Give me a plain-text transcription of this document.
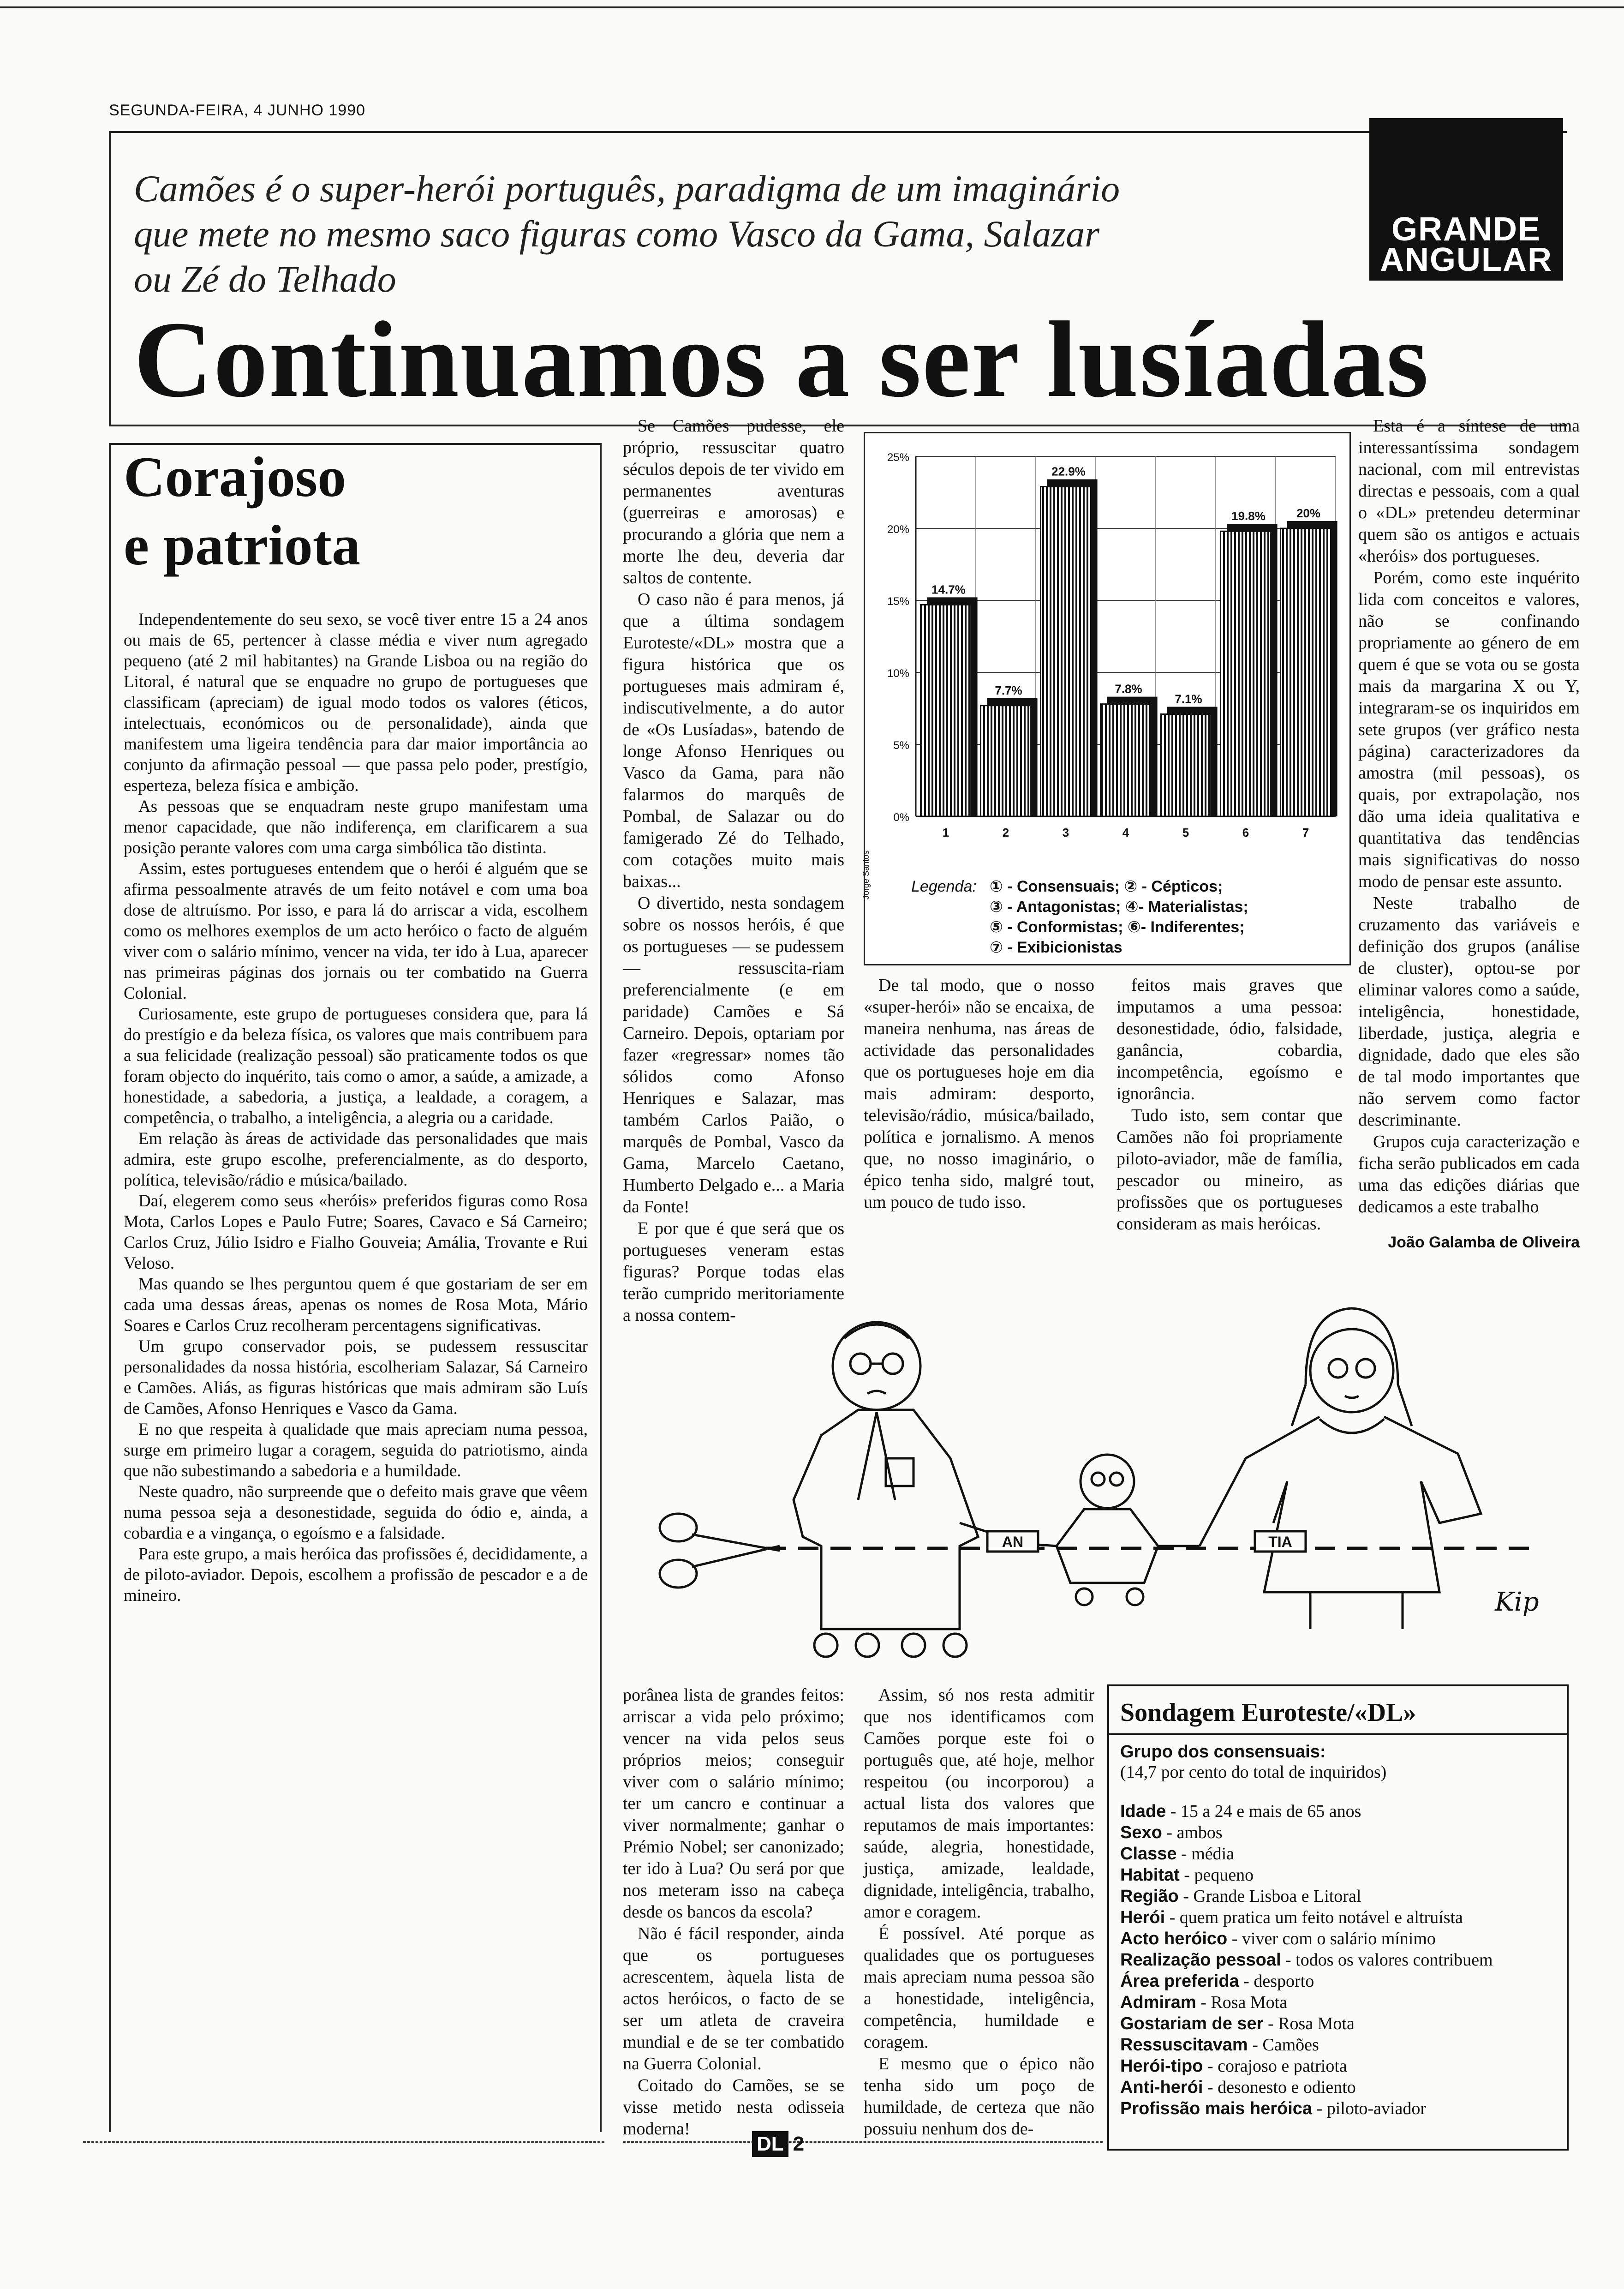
SEGUNDA-FEIRA, 4 JUNHO 1990
Camões é o super-herói português, paradigma de um imaginário
que mete no mesmo saco figuras como Vasco da Gama, Salazar
ou Zé do Telhado
GRANDE
ANGULAR
Continuamos a ser lusíadas
Corajoso
e patriota

Independentemente do seu sexo, se você tiver entre 15 a 24 anos ou mais de 65, pertencer à classe média e viver num agregado pequeno (até 2 mil habitantes) na Grande Lisboa ou na região do Litoral, é natural que se enquadre no grupo de portugueses que classificam (apreciam) de igual modo todos os valores (éticos, intelectuais, económicos ou de personalidade), ainda que manifestem uma ligeira tendência para dar maior importância ao conjunto da afirmação pessoal — que passa pelo poder, prestígio, esperteza, beleza física e ambição.

As pessoas que se enquadram neste grupo manifestam uma menor capacidade, que não indiferença, em clarificarem a sua posição perante valores com uma carga simbólica tão distinta.

Assim, estes portugueses entendem que o herói é alguém que se afirma pessoalmente através de um feito notável e com uma boa dose de altruísmo. Por isso, e para lá do arriscar a vida, escolhem como os melhores exemplos de um acto heróico o facto de alguém viver com o salário mínimo, vencer na vida, ter ido à Lua, aparecer nas primeiras páginas dos jornais ou ter combatido na Guerra Colonial.

Curiosamente, este grupo de portugueses considera que, para lá do prestígio e da beleza física, os valores que mais contribuem para a sua felicidade (realização pessoal) são praticamente todos os que foram objecto do inquérito, tais como o amor, a saúde, a amizade, a honestidade, a sabedoria, a justiça, a lealdade, a coragem, a competência, o trabalho, a inteligência, a alegria ou a caridade.

Em relação às áreas de actividade das personalidades que mais admira, este grupo escolhe, preferencialmente, as do desporto, política, televisão/rádio e música/bailado.

Daí, elegerem como seus «heróis» preferidos figuras como Rosa Mota, Carlos Lopes e Paulo Futre; Soares, Cavaco e Sá Carneiro; Carlos Cruz, Júlio Isidro e Fialho Gouveia; Amália, Trovante e Rui Veloso.

Mas quando se lhes perguntou quem é que gostariam de ser em cada uma dessas áreas, apenas os nomes de Rosa Mota, Mário Soares e Carlos Cruz recolheram percentagens significativas.

Um grupo conservador pois, se pudessem ressuscitar personalidades da nossa história, escolheriam Salazar, Sá Carneiro e Camões. Aliás, as figuras históricas que mais admiram são Luís de Camões, Afonso Henriques e Vasco da Gama.

E no que respeita à qualidade que mais apreciam numa pessoa, surge em primeiro lugar a coragem, seguida do patriotismo, ainda que não subestimando a sabedoria e a humildade.

Neste quadro, não surpreende que o defeito mais grave que vêem numa pessoa seja a desonestidade, seguida do ódio e, ainda, a cobardia e a vingança, o egoísmo e a falsidade.

Para este grupo, a mais heróica das profissões é, decididamente, a de piloto-aviador. Depois, escolhem a profissão de pescador e a de mineiro.

Se Camões pudesse, ele próprio, ressuscitar quatro séculos depois de ter vivido em permanentes aventuras (guerreiras e amorosas) e procurando a glória que nem a morte lhe deu, deveria dar saltos de contente.

O caso não é para menos, já que a última sondagem Euroteste/«DL» mostra que a figura histórica que os portugueses mais admiram é, indiscutivelmente, a do autor de «Os Lusíadas», batendo de longe Afonso Henriques ou Vasco da Gama, para não falarmos do marquês de Pombal, de Salazar ou do famigerado Zé do Telhado, com cotações muito mais baixas...

O divertido, nesta sondagem sobre os nossos heróis, é que os portugueses — se pudessem — ressuscita-riam preferencialmente (e em paridade) Camões e Sá Carneiro. Depois, optariam por fazer «regressar» nomes tão sólidos como Afonso Henriques e Salazar, mas também Carlos Paião, o marquês de Pombal, Vasco da Gama, Marcelo Caetano, Humberto Delgado e... a Maria da Fonte!

E por que é que será que os portugueses veneram estas figuras? Porque todas elas terão cumprido meritoriamente a nossa contem-

0%
5%
10%
15%
20%
25%
14.7%
1
7.7%
2
22.9%
3
7.8%
4
7.1%
5
19.8%
6
20%
7
Legenda: ① - Consensuais; ② - Cépticos;
③ - Antagonistas; ④- Materialistas;
⑤ - Conformistas; ⑥- Indiferentes;
⑦ - Exibicionistas
Jorge Santos

De tal modo, que o nosso «super-herói» não se encaixa, de maneira nenhuma, nas áreas de actividade das personalidades que os portugueses hoje em dia mais admiram: desporto, televisão/rádio, música/bailado, política e jornalismo. A menos que, no nosso imaginário, o épico tenha sido, malgré tout, um pouco de tudo isso.

feitos mais graves que imputamos a uma pessoa: desonestidade, ódio, falsidade, ganância, cobardia, incompetência, egoísmo e ignorância.

Tudo isto, sem contar que Camões não foi propriamente piloto-aviador, mãe de família, pescador ou mineiro, as profissões que os portugueses consideram as mais heróicas.

Esta é a síntese de uma interessantíssima sondagem nacional, com mil entrevistas directas e pessoais, com a qual o «DL» pretendeu determinar quem são os antigos e actuais «heróis» dos portugueses.

Porém, como este inquérito lida com conceitos e valores, não se confinando propriamente ao género de em quem é que se vota ou se gosta mais da margarina X ou Y, integraram-se os inquiridos em sete grupos (ver gráfico nesta página) caracterizadores da amostra (mil pessoas), os quais, por extrapolação, nos dão uma ideia qualitativa e quantitativa das tendências mais significativas do nosso modo de pensar este assunto.

Neste trabalho de cruzamento das variáveis e definição dos grupos (análise de cluster), optou-se por eliminar valores como a saúde, inteligência, honestidade, liberdade, justiça, alegria e dignidade, dado que eles são de tal modo importantes que não servem como factor descriminante.

Grupos cuja caracterização e ficha serão publicados em cada uma das edições diárias que dedicamos a este trabalho

João Galamba de Oliveira
AN	TIA
Kip

porânea lista de grandes feitos: arriscar a vida pelo próximo; vencer na vida pelos seus próprios meios; conseguir viver com o salário mínimo; ter um cancro e continuar a viver normalmente; ganhar o Prémio Nobel; ser canonizado; ter ido à Lua? Ou será por que nos meteram isso na cabeça desde os bancos da escola?

Não é fácil responder, ainda que os portugueses acrescentem, àquela lista de actos heróicos, o facto de se ser um atleta de craveira mundial e de se ter combatido na Guerra Colonial.

Coitado do Camões, se se visse metido nesta odisseia moderna!

Assim, só nos resta admitir que nos identificamos com Camões porque este foi o português que, até hoje, melhor respeitou (ou incorporou) a actual lista dos valores que reputamos de mais importantes: saúde, alegria, honestidade, justiça, amizade, lealdade, dignidade, inteligência, trabalho, amor e coragem.

É possível. Até porque as qualidades que os portugueses mais apreciam numa pessoa são a honestidade, inteligência, competência, humildade e coragem.

E mesmo que o épico não tenha sido um poço de humildade, de certeza que não possuiu nenhum dos de-

Sondagem Euroteste/«DL»
Grupo dos consensuais:
(14,7 por cento do total de inquiridos)
Idade - 15 a 24 e mais de 65 anos
Sexo - ambos
Classe - média
Habitat - pequeno
Região - Grande Lisboa e Litoral
Herói - quem pratica um feito notável e altruísta
Acto heróico - viver com o salário mínimo
Realização pessoal - todos os valores contribuem
Área preferida - desporto
Admiram - Rosa Mota
Gostariam de ser - Rosa Mota
Ressuscitavam - Camões
Herói-tipo - corajoso e patriota
Anti-herói - desonesto e odiento
Profissão mais heróica - piloto-aviador
DL 2
